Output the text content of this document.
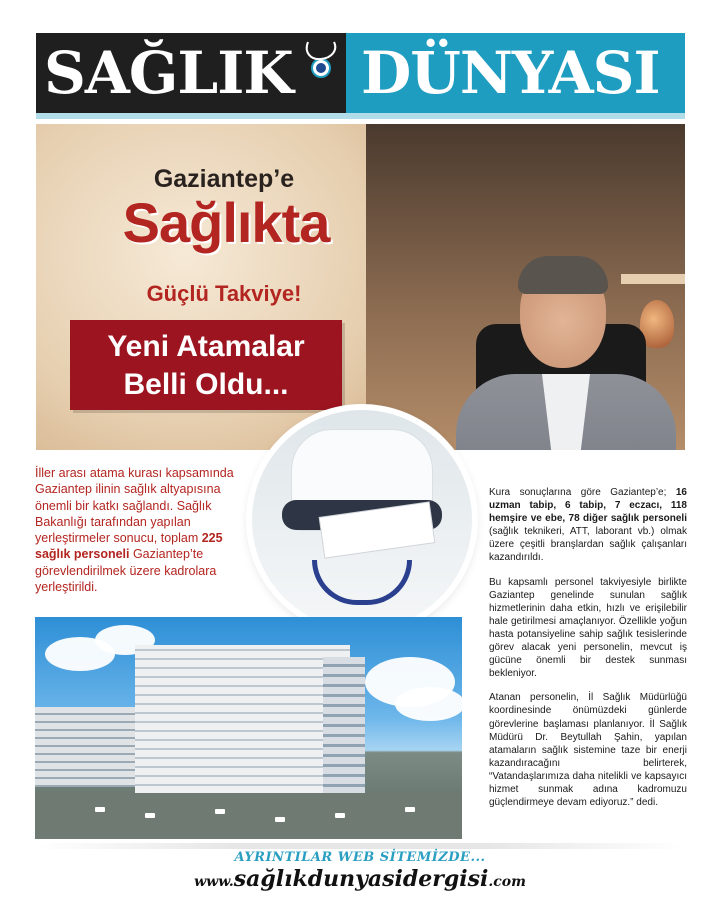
SAĞLIK DÜNYASI
Gaziantep’e
Sağlıkta
Güçlü Takviye!
Yeni Atamalar
Belli Oldu...
İller arası atama kurası kapsamında Gaziantep ilinin sağlık altyapısına önemli bir katkı sağlandı. Sağlık Bakanlığı tarafından yapılan yerleştirmeler sonucu, toplam 225 sağlık personeli Gaziantep’te görevlendirilmek üzere kadrolara yerleştirildi.

Kura sonuçlarına göre Gaziantep’e; 16 uzman tabip, 6 tabip, 7 eczacı, 118 hemşire ve ebe, 78 diğer sağlık personeli (sağlık teknikeri, ATT, laborant vb.) olmak üzere çeşitli branşlardan sağlık çalışanları kazandırıldı.

Bu kapsamlı personel takviyesiyle birlikte Gaziantep genelinde sunulan sağlık hizmetlerinin daha etkin, hızlı ve erişilebilir hale getirilmesi amaçlanıyor. Özellikle yoğun hasta potansiyeline sahip sağlık tesislerinde görev alacak yeni personelin, mevcut iş gücüne önemli bir destek sunması bekleniyor.

Atanan personelin, İl Sağlık Müdürlüğü koordinesinde önümüzdeki günlerde görevlerine başlaması planlanıyor. İl Sağlık Müdürü Dr. Beytullah Şahin, yapılan atamaların sağlık sistemine taze bir enerji kazandıracağını belirterek, “Vatandaşlarımıza daha nitelikli ve kapsayıcı hizmet sunmak adına kadromuzu güçlendirmeye devam ediyoruz.” dedi.

AYRINTILAR WEB SİTEMİZDE...
www.sağlıkdunyasidergisi.com
